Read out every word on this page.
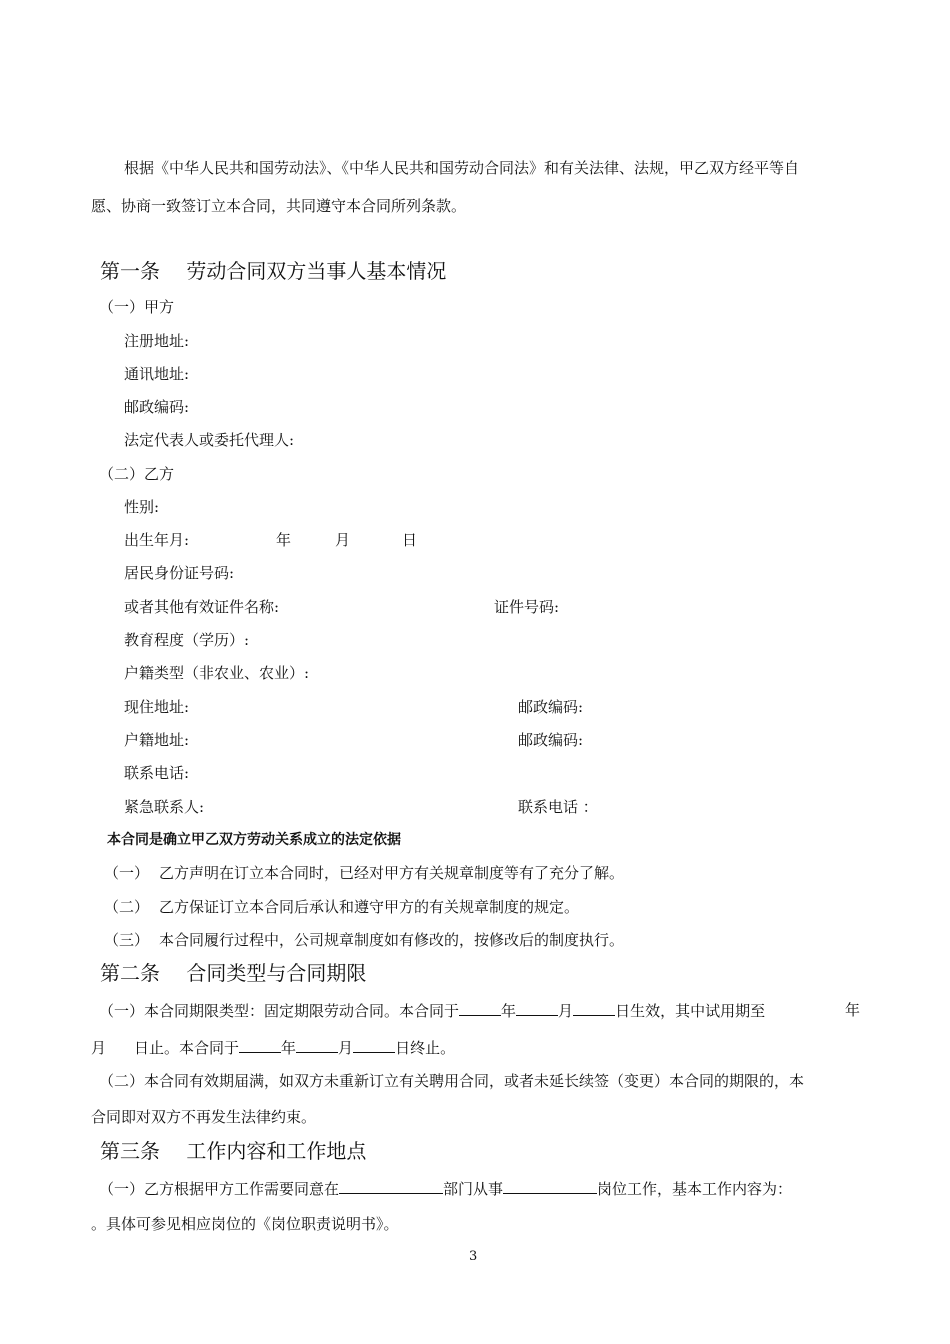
根据《中华人民共和国劳动法》、《中华人民共和国劳动合同法》和有关法律、法规，甲乙双方经平等自
愿、协商一致签订立本合同，共同遵守本合同所列条款。
第一条　 劳动合同双方当事人基本情况
（一）甲方
注册地址:
通讯地址:
邮政编码:
法定代表人或委托代理人:
（二）乙方
性别:
出生年月:	年	月	日
居民身份证号码:
或者其他有效证件名称:	证件号码:
教育程度（学历）:
户籍类型（非农业、农业）:
现住地址:	邮政编码:
户籍地址:	邮政编码:
联系电话:
紧急联系人:	联系电话 ：
本合同是确立甲乙双方劳动关系成立的法定依据
（一） 乙方声明在订立本合同时，已经对甲方有关规章制度等有了充分了解。
（二） 乙方保证订立本合同后承认和遵守甲方的有关规章制度的规定。
（三） 本合同履行过程中，公司规章制度如有修改的，按修改后的制度执行。
第二条　 合同类型与合同期限
（一）本合同期限类型：固定期限劳动合同。本合同于	年	月	日生效，其中试用期至	年
月 日止。本合同于	年	月	日终止。
（二）本合同有效期届满，如双方未重新订立有关聘用合同，或者未延长续签（变更）本合同的期限的，本
合同即对双方不再发生法律约束。
第三条　 工作内容和工作地点
（一）乙方根据甲方工作需要同意在	部门从事	岗位工作，基本工作内容为：
。具体可参见相应岗位的《岗位职责说明书》。
3
